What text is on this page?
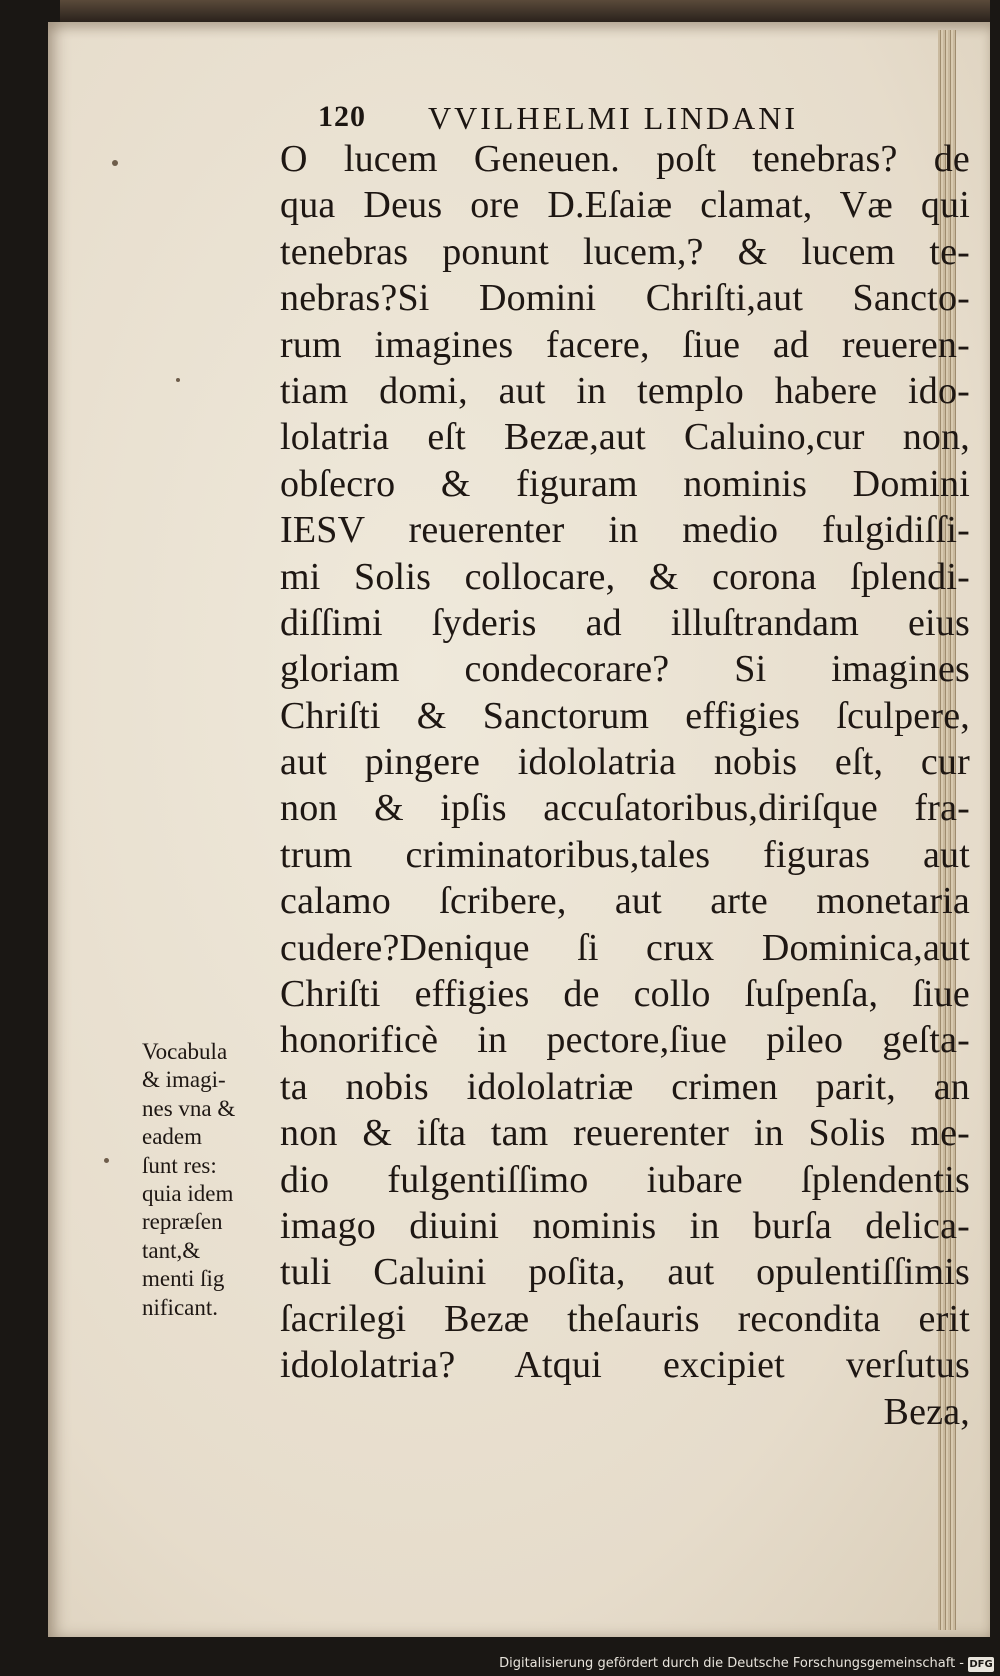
120 VVILHELMI LINDANI
O lucem Geneuen. poſt tenebras? de
qua Deus ore D.Eſaiæ clamat, Væ qui
tenebras ponunt lucem,? & lucem te-
nebras?Si Domini Chriſti,aut Sancto-
rum imagines facere, ſiue ad reueren-
tiam domi, aut in templo habere ido-
lolatria eſt Bezæ,aut Caluino,cur non,
obſecro & figuram nominis Domini
IESV reuerenter in medio fulgidiſſi-
mi Solis collocare, & corona ſplendi-
diſſimi ſyderis ad illuſtrandam eius
gloriam condecorare? Si imagines
Chriſti & Sanctorum effigies ſculpere,
aut pingere idololatria nobis eſt, cur
non & ipſis accuſatoribus,diriſque fra-
trum criminatoribus,tales figuras aut
calamo ſcribere, aut arte monetaria
cudere?Denique ſi crux Dominica,aut
Chriſti effigies de collo ſuſpenſa, ſiue
honorificè in pectore,ſiue pileo geſta-
ta nobis idololatriæ crimen parit, an
non & iſta tam reuerenter in Solis me-
dio fulgentiſſimo iubare ſplendentis
imago diuini nominis in burſa delica-
tuli Caluini poſita, aut opulentiſſimis
ſacrilegi Bezæ theſauris recondita erit
idololatria? Atqui excipiet verſutus
Beza,
Vocabula
& imagi-
nes vna &
eadem
ſunt res:
quia idem
repræſen
tant,&
menti ſig
nificant.
Digitalisierung gefördert durch die Deutsche Forschungsgemeinschaft - DFG
